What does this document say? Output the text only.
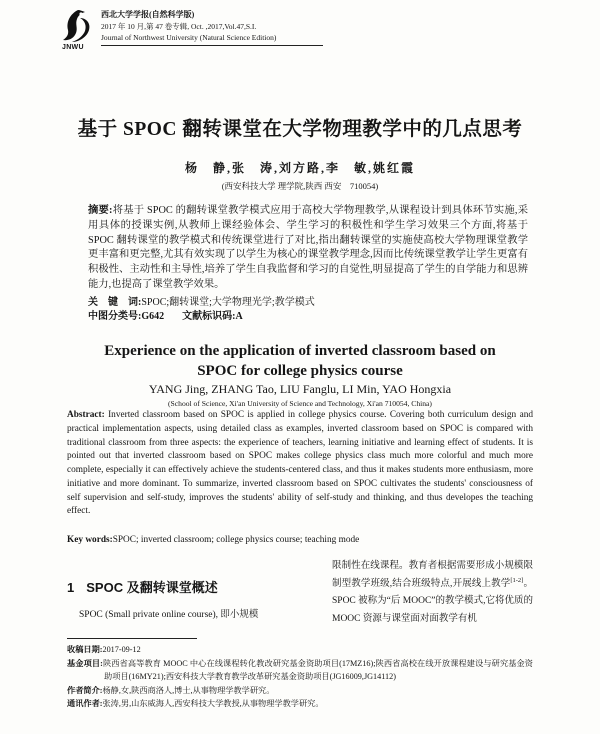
JNWU
西北大学学报(自然科学版)
2017 年 10 月,第 47 卷专辑, Oct. ,2017,Vol.47,S.I.
Journal of Northwest University (Natural Science Edition)
基于 SPOC 翻转课堂在大学物理教学中的几点思考
杨　静,张　涛,刘方路,李　敏,姚红霞
(西安科技大学 理学院,陕西 西安　710054)
摘要:将基于 SPOC 的翻转课堂教学模式应用于高校大学物理教学,从课程设计到具体环节实施,采用具体的授课实例,从教师上课经验体会、学生学习的积极性和学生学习效果三个方面,将基于 SPOC 翻转课堂的教学模式和传统课堂进行了对比,指出翻转课堂的实施使高校大学物理课堂教学更丰富和更完整,尤其有效实现了以学生为核心的课堂教学理念,因而比传统课堂教学让学生更富有积极性、主动性和主导性,培养了学生自我监督和学习的自觉性,明显提高了学生的自学能力和思辨能力,也提高了课堂教学效果。
关　键　词:SPOC;翻转课堂;大学物理光学;教学模式
中图分类号:G642 文献标识码:A
Experience on the application of inverted classroom based on
SPOC for college physics course
YANG Jing, ZHANG Tao, LIU Fanglu, LI Min, YAO Hongxia
(School of Science, Xi'an University of Science and Technology, Xi'an 710054, China)
Abstract: Inverted classroom based on SPOC is applied in college physics course. Covering both curriculum design and practical implementation aspects, using detailed class as examples, inverted classroom based on SPOC is compared with traditional classroom from three aspects: the experience of teachers, learning initiative and learning effect of students. It is pointed out that inverted classroom based on SPOC makes college physics class much more colorful and much more complete, especially it can effectively achieve the students-centered class, and thus it makes students more enthusiasm, more initiative and more dominant. To summarize, inverted classroom based on SPOC cultivates the students' consciousness of self supervision and self-study, improves the students' ability of self-study and thinking, and thus developes the teaching effect.
Key words:SPOC; inverted classroom; college physics course; teaching mode
1 SPOC 及翻转课堂概述
SPOC (Small private online course), 即小规模
限制性在线课程。教育者根据需要形成小规模限制型教学班级,结合班级特点,开展线上教学[1-2]。SPOC 被称为“后 MOOC”的教学模式,它将优质的 MOOC 资源与课堂面对面教学有机

收稿日期:2017-09-12

基金项目:陕西省高等教育 MOOC 中心在线课程转化教改研究基金资助项目(17MZ16);陕西省高校在线开放课程建设与研究基金资助项目(16MY21);西安科技大学教育教学改革研究基金资助项目(JG16009,JG14112)

作者简介:杨静,女,陕西商洛人,博士,从事物理学教学研究。

通讯作者:张涛,男,山东威海人,西安科技大学教授,从事物理学教学研究。
